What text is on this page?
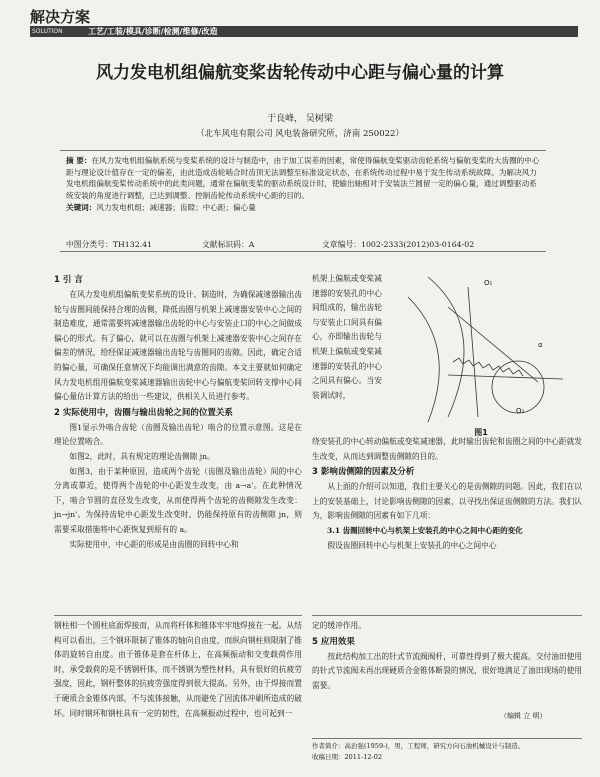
解决方案
SOLUTION	工艺/工装/模具/诊断/检测/维修/改造
风力发电机组偏航变桨齿轮传动中心距与偏心量的计算
于良峰， 吴树梁
（北车风电有限公司 风电装备研究所，济南 250022）

摘 要：在风力发电机组偏航系统与变桨系统的设计与制造中，由于加工误差的因素，常使得偏航变桨驱动齿轮系统与偏航变桨的大齿圈的中心距与理论设计值存在一定的偏差，由此造成齿轮啮合时齿顶无法调整至标准设定状态，在系统传动过程中易于发生传动系统故障。为解决风力发电机组偏航变桨传动系统中的此类问题，通常在偏航变桨的驱动系统设计时，使输出轴相对于安装法兰圆留一定的偏心量，通过调整驱动系统安装的角度进行调整，已达到调整、控制齿轮传动系统中心距的目的。

关键词：风力发电机组；减速器；齿隙；中心距；偏心量

中图分类号：TH132.41	文献标识码：A	文章编号：1002-2333(2012)03-0164-02
1 引 言

在风力发电机组偏航变桨系统的设计、制造时，为确保减速器输出齿轮与齿圈间能保持合理的齿侧，降低齿圈与机架上减速器安装中心之间的制造难度，通常需要将减速器输出齿轮的中心与安装止口的中心之间做成偏心的形式。有了偏心，就可以在齿圈与机架上减速器安装中心之间存在偏差的情况，给经保证减速器输出齿轮与齿圈间的齿隙。因此，确定合适的偏心量，可确保任意情况下均能调出满意的齿隙。本文主要就如何确定风力发电机组用偏航变桨减速器输出齿轮中心与偏航变桨回转支撑中心间偏心量估计算方法的给出一些建议，供相关人员进行参考。

2 实际使用中，齿圈与输出齿轮之间的位置关系

图1显示外啮合齿轮（齿圈及输出齿轮）啮合的位置示意图。这是在理论位置啮合。

如图2，此时，具有规定的理论齿侧隙 jn。

如图3，由于某种原因，造成两个齿轮（齿圈及输出齿轮）间的中心分离或靠近，使得两个齿轮的中心距发生改变，由 a→a'。在此种情况下，啮合节圆的直径发生改变，从而使得两个齿轮的齿侧隙发生改变：jn→jn'。为保持齿轮中心距发生改变时，仍能保持原有的齿侧隙 jn，则需要采取措施将中心距恢复到原有的 a。

实际使用中，中心距的形成是由齿圈的回转中心和

机架上偏航或变桨减速器的安装孔的中心间组成的，输出齿轮与安装止口间具有偏心，亦即输出齿轮与机架上偏航或变桨减速器的安装孔的中心之间具有偏心。当安装调试时，

O₁
α
O₂
图1

绕安装孔的中心转动偏航或变桨减速器，此时输出齿轮和齿圈之间的中心距就发生改变，从而达到调整齿侧隙的目的。

3 影响齿侧隙的因素及分析

从上面的介绍可以知道，我们主要关心的是齿侧隙的问题。因此，我们在以上的安装基础上，讨论影响齿侧隙的因素，以寻找出保证齿侧隙的方法。我们认为，影响齿侧隙的因素有如下几项：

3.1 齿圈回转中心与机架上安装孔的中心之间中心距的变化

假设齿圈回转中心与机架上安装孔的中心之间中心

钢柱相一个圆柱底面焊接而，从而将杆体和锥体牢牢地焊接在一起。从结构可以看出，三个钢环限制了锥体的轴向自由度，而纵向钢柱则限制了锥体的旋转自由度。由于锥体是套在杆体上，在高频振动和交变载荷作用时，承受载荷的是不锈钢杆体，而不锈钢为塑性材料，具有很好的抗疲劳强度，因此，钢杆整体的抗疲劳强度得到很大提高。另外，由于焊接而置于硬质合金锥体内部，不与流体接触，从而避免了因流体冲刷所造成的破坏。同时钢环和钢柱具有一定的韧性，在高频振动过程中，也可起到一

定的缓冲作用。

5 应用效果

按此结构加工出的针式节流阀阀杆，可靠性得到了极大提高。交付油田使用的针式节流阀未再出现硬质合金锥体断裂的情况，很好地满足了油田现场的使用需要。

（编辑 立 明）
作者简介：高治强(1959-)，男，工程师，研究方向石油机械设计与制造。
收稿日期：2011-12-02
